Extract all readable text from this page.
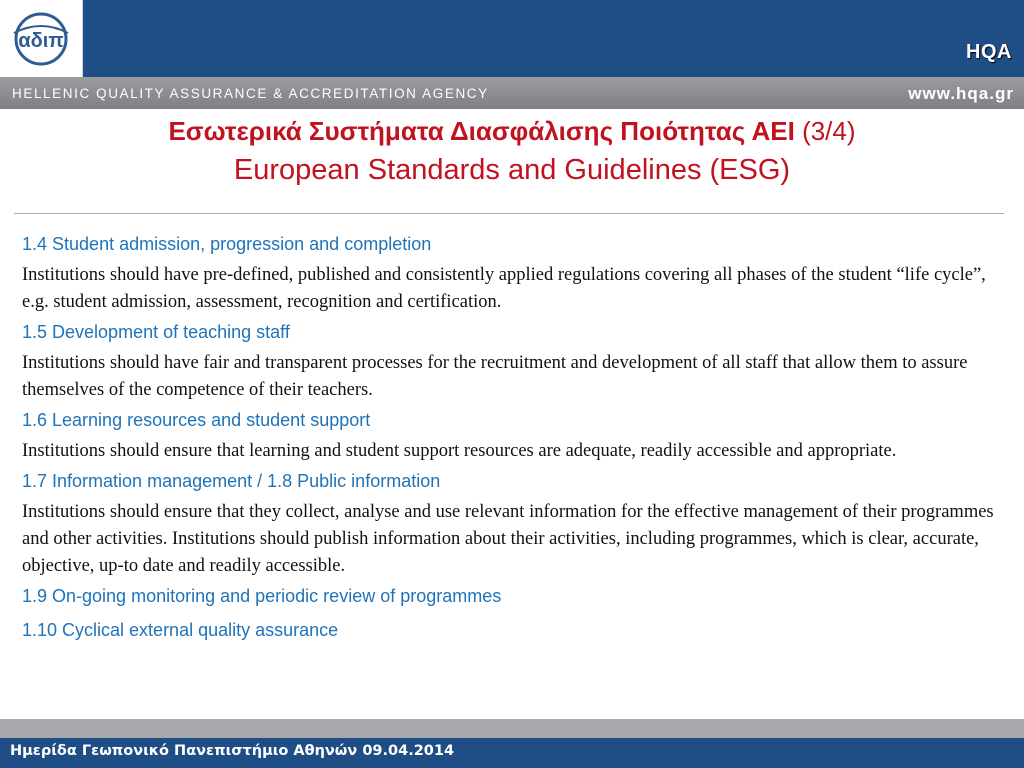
αδιπ
HQA
HELLENIC QUALITY ASSURANCE & ACCREDITATION AGENCY	www.hqa.gr
Εσωτερικά Συστήματα Διασφάλισης Ποιότητας ΑΕΙ (3/4)
European Standards and Guidelines (ESG)

1.4 Student admission, progression and completion

Institutions should have pre-defined, published and consistently applied regulations covering all phases of the student “life cycle”, e.g. student admission, assessment, recognition and certification.

1.5 Development of teaching staff

Institutions should have fair and transparent processes for the recruitment and development of all staff that allow them to assure themselves of the competence of their teachers.

1.6 Learning resources and student support

Institutions should ensure that learning and student support resources are adequate, readily accessible and appropriate.

1.7 Information management / 1.8 Public information

Institutions should ensure that they collect, analyse and use relevant information for the effective management of their programmes and other activities. Institutions should publish information about their activities, including programmes, which is clear, accurate, objective, up-to date and readily accessible.

1.9 On-going monitoring and periodic review of programmes

1.10 Cyclical external quality assurance

Ημερίδα Γεωπονικό Πανεπιστήμιο Αθηνών 09.04.2014
